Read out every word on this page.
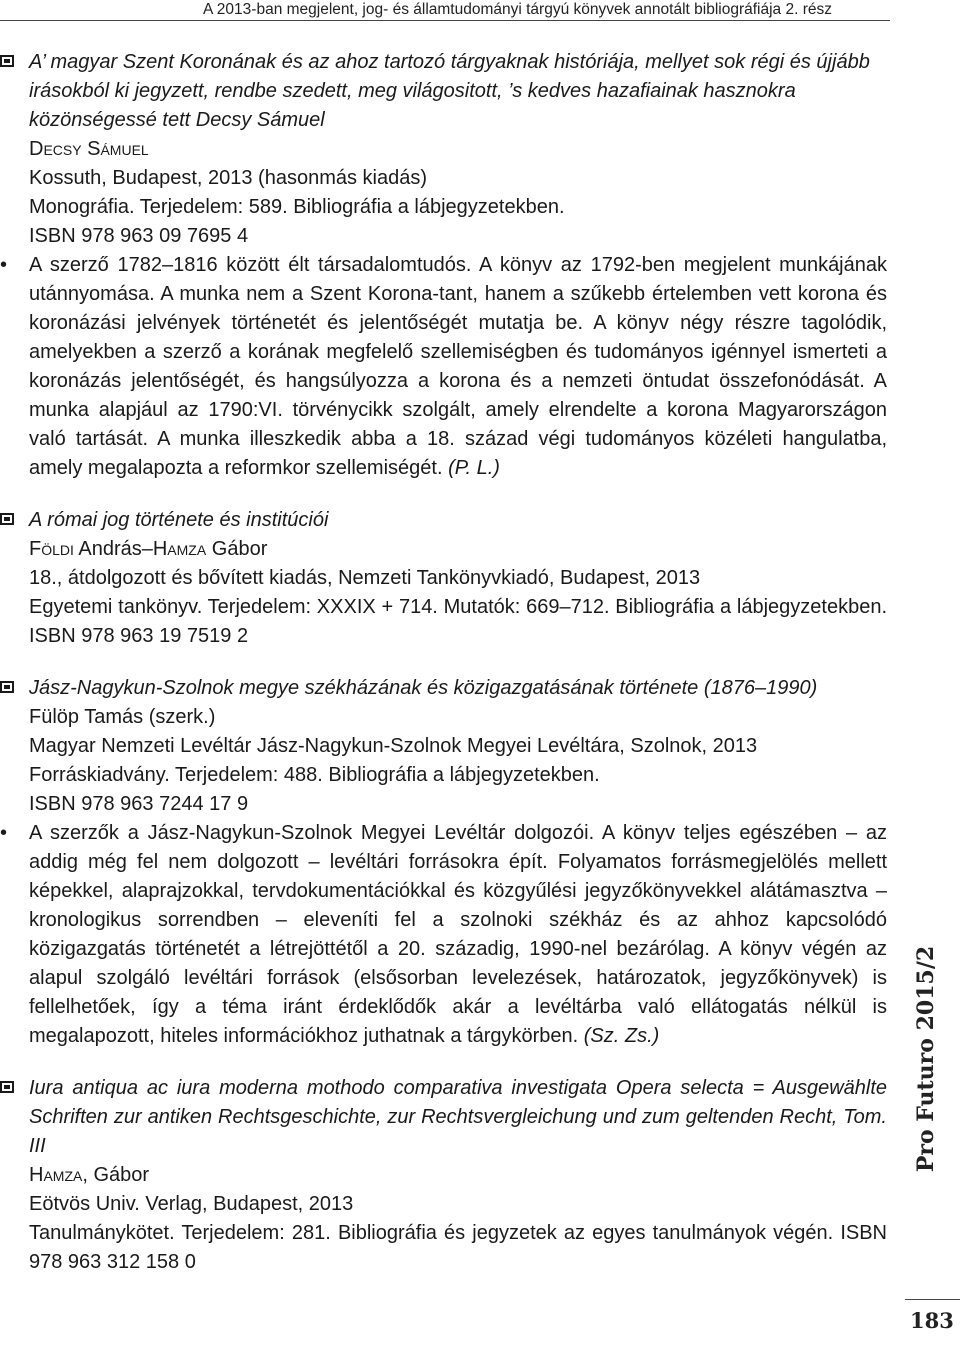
A 2013-ban megjelent, jog- és államtudományi tárgyú könyvek annotált bibliográfiája 2. rész
A’ magyar Szent Koronának és az ahoz tartozó tárgyaknak históriája, mellyet sok régi és újjább irásokból ki jegyzett, rendbe szedett, meg világositott, ’s kedves hazafiainak hasznokra közönségessé tett Decsy Sámuel
Decsy Sámuel
Kossuth, Budapest, 2013 (hasonmás kiadás)
Monográfia. Terjedelem: 589. Bibliográfia a lábjegyzetekben.
ISBN 978 963 09 7695 4
• A szerző 1782–1816 között élt társadalomtudós. A könyv az 1792-ben megjelent munkájának utánnyomása. A munka nem a Szent Korona-tant, hanem a szűkebb értelemben vett korona és koronázási jelvények történetét és jelentőségét mutatja be. A könyv négy részre tagolódik, amelyekben a szerző a korának megfelelő szellemiségben és tudományos igénnyel ismerteti a koronázás jelentőségét, és hangsúlyozza a korona és a nemzeti öntudat összefonódását. A munka alapjául az 1790:VI. törvénycikk szolgált, amely elrendelte a korona Magyarországon való tartását. A munka illeszkedik abba a 18. század végi tudományos közéleti hangulatba, amely megalapozta a reformkor szellemiségét. (P. L.)
A római jog története és institúciói
Földi András–Hamza Gábor
18., átdolgozott és bővített kiadás, Nemzeti Tankönyvkiadó, Budapest, 2013
Egyetemi tankönyv. Terjedelem: XXXIX + 714. Mutatók: 669–712. Bibliográfia a lábjegyzetekben. ISBN 978 963 19 7519 2
Jász-Nagykun-Szolnok megye székházának és közigazgatásának története (1876–1990)
Fülöp Tamás (szerk.)
Magyar Nemzeti Levéltár Jász-Nagykun-Szolnok Megyei Levéltára, Szolnok, 2013
Forráskiadvány. Terjedelem: 488. Bibliográfia a lábjegyzetekben.
ISBN 978 963 7244 17 9
• A szerzők a Jász-Nagykun-Szolnok Megyei Levéltár dolgozói. A könyv teljes egészében – az addig még fel nem dolgozott – levéltári forrásokra épít. Folyamatos forrásmegjelölés mellett képekkel, alaprajzokkal, tervdokumentációkkal és közgyűlési jegyzőkönyvekkel alátámasztva – kronologikus sorrendben – eleveníti fel a szolnoki székház és az ahhoz kapcsolódó közigazgatás történetét a létrejöttétől a 20. századig, 1990-nel bezárólag. A könyv végén az alapul szolgáló levéltári források (elsősorban levelezések, határozatok, jegyzőkönyvek) is fellelhetőek, így a téma iránt érdeklődők akár a levéltárba való ellátogatás nélkül is megalapozott, hiteles információkhoz juthatnak a tárgykörben. (Sz. Zs.)
Iura antiqua ac iura moderna mothodo comparativa investigata Opera selecta = Ausgewählte Schriften zur antiken Rechtsgeschichte, zur Rechtsvergleichung und zum geltenden Recht, Tom. III
Hamza, Gábor
Eötvös Univ. Verlag, Budapest, 2013
Tanulmánykötet. Terjedelem: 281. Bibliográfia és jegyzetek az egyes tanulmányok végén. ISBN 978 963 312 158 0
Pro Futuro 2015/2
183
